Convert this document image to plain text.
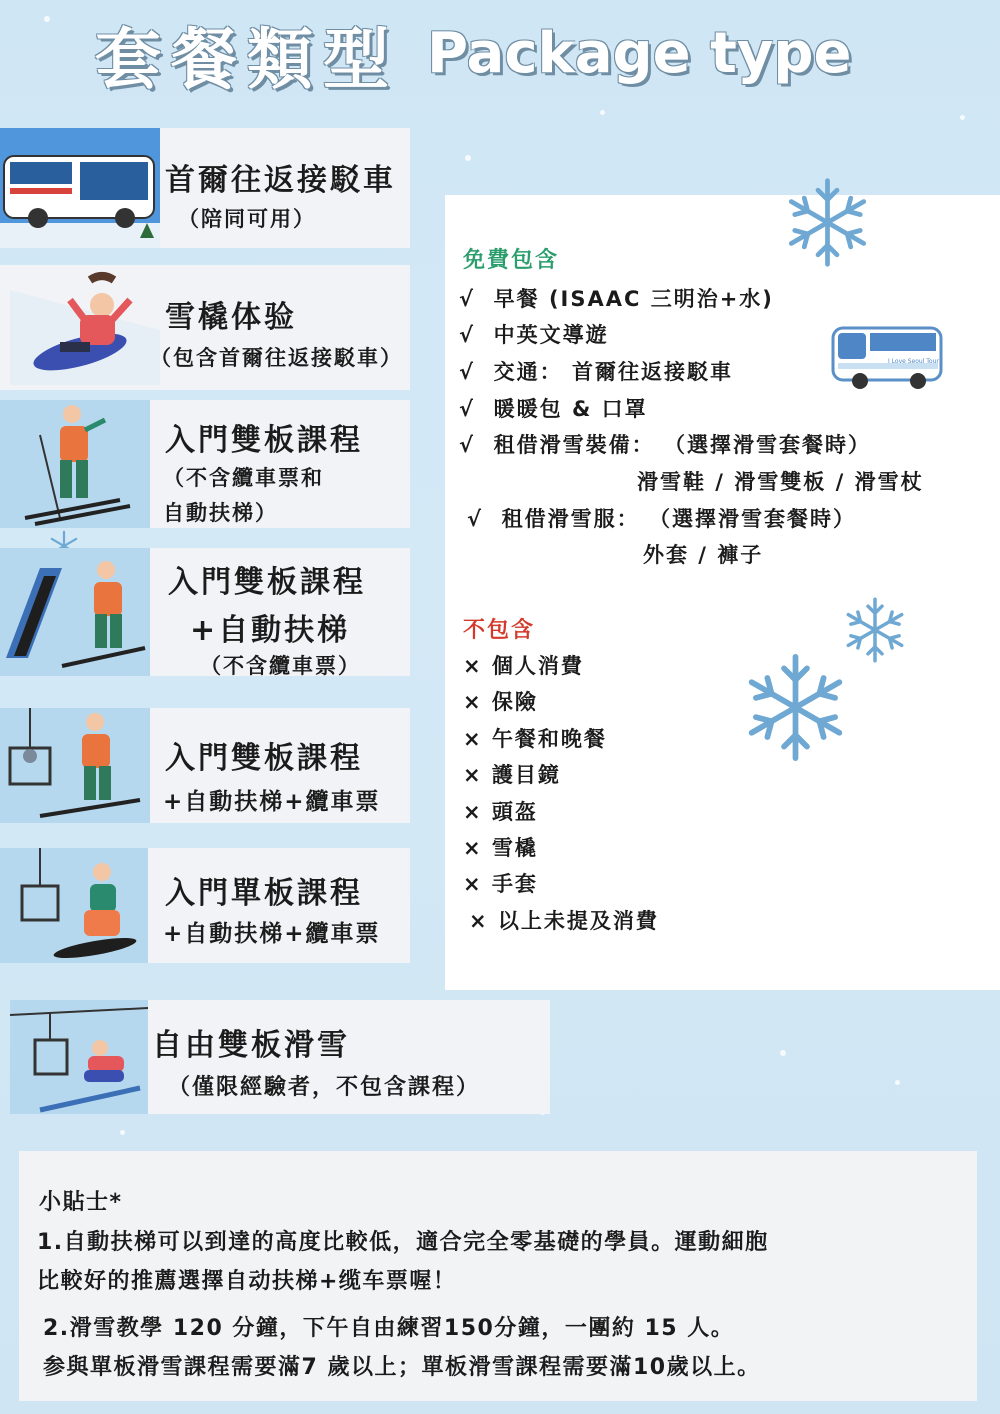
套餐類型 Package type
I Love Seoul Tour
免費包含
√ 早餐 (ISAAC 三明治+水)
√ 中英文導遊
√ 交通： 首爾往返接駁車
√ 暖暖包 & 口罩
√ 租借滑雪裝備： （選擇滑雪套餐時）
滑雪鞋 / 滑雪雙板 / 滑雪杖
√ 租借滑雪服： （選擇滑雪套餐時）
外套 / 褲子
不包含
× 個人消費
× 保險
× 午餐和晚餐
× 護目鏡
× 頭盔
× 雪橇
× 手套
× 以上未提及消費
首爾往返接駁車
（陪同可用）
雪橇体验
（包含首爾往返接駁車）
入門雙板課程
（不含纜車票和
自動扶梯）
入門雙板課程
+自動扶梯
（不含纜車票）
入門雙板課程
+自動扶梯+纜車票
入門單板課程
+自動扶梯+纜車票
自由雙板滑雪
（僅限經驗者，不包含課程）
小貼士*
1.自動扶梯可以到達的高度比較低，適合完全零基礎的學員。運動細胞
比較好的推薦選擇自动扶梯+缆车票喔！
2.滑雪教學 120 分鐘，下午自由練習150分鐘，一團約 15 人。
参與單板滑雪課程需要滿7 歲以上；單板滑雪課程需要滿10歲以上。
